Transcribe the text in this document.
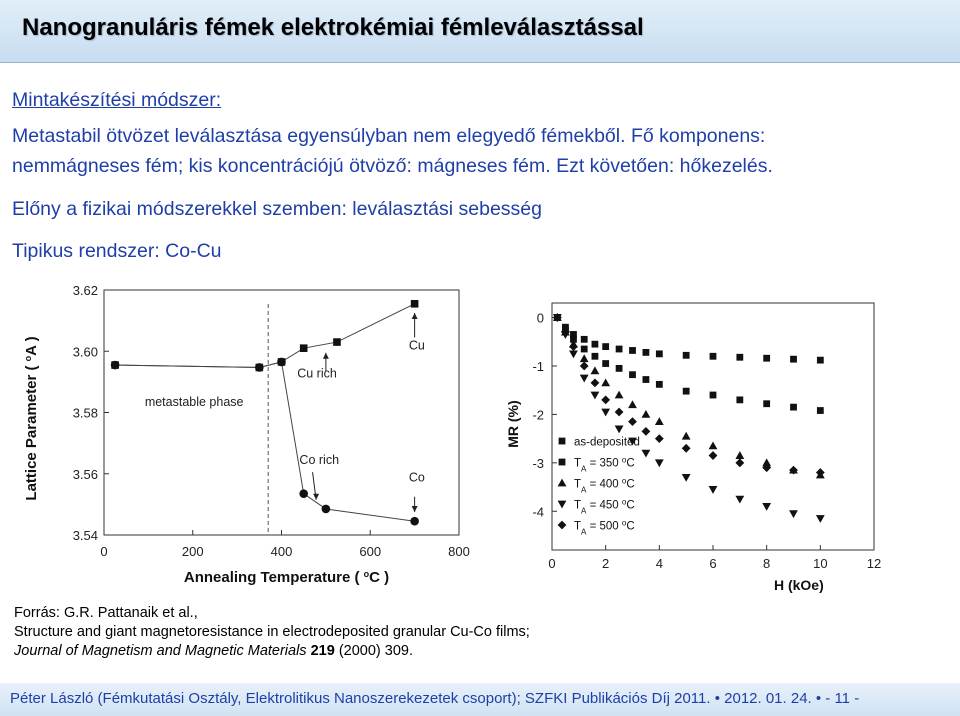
Nanogranuláris fémek elektrokémiai fémleválasztással
Mintakészítési módszer:
Metastabil ötvözet leválasztása egyensúlyban nem elegyedő fémekből. Fő komponens:
nemmágneses fém; kis koncentrációjú ötvöző: mágneses fém. Ezt követően: hőkezelés.
Előny a fizikai módszerekkel szemben: leválasztási sebesség
Tipikus rendszer: Co-Cu
3.54
3.56
3.58
3.60
3.62
0	200	400	600	800
Annealing Temperature ( $^o$C )
Lattice Parameter ( $^o$A )
metastable phase
Cu rich
Co rich
Cu
Co
0
-1
-2
-3
-4
0	2	4	6	8	10	12
H (kOe)
MR (%)	as-deposited
$T_A = 350$ $^o$C
$T_A = 400$ $^o$C
$T_A = 450$ $^o$C
$T_A = 500$ $^o$C
Forrás: G.R. Pattanaik et al.,
Structure and giant magnetoresistance in electrodeposited granular Cu-Co films;
Journal of Magnetism and Magnetic Materials 219 (2000) 309.
Péter László (Fémkutatási Osztály, Elektrolitikus Nanoszerekezetek csoport); SZFKI Publikációs Díj 2011. • 2012. 01. 24. • - 11 -
